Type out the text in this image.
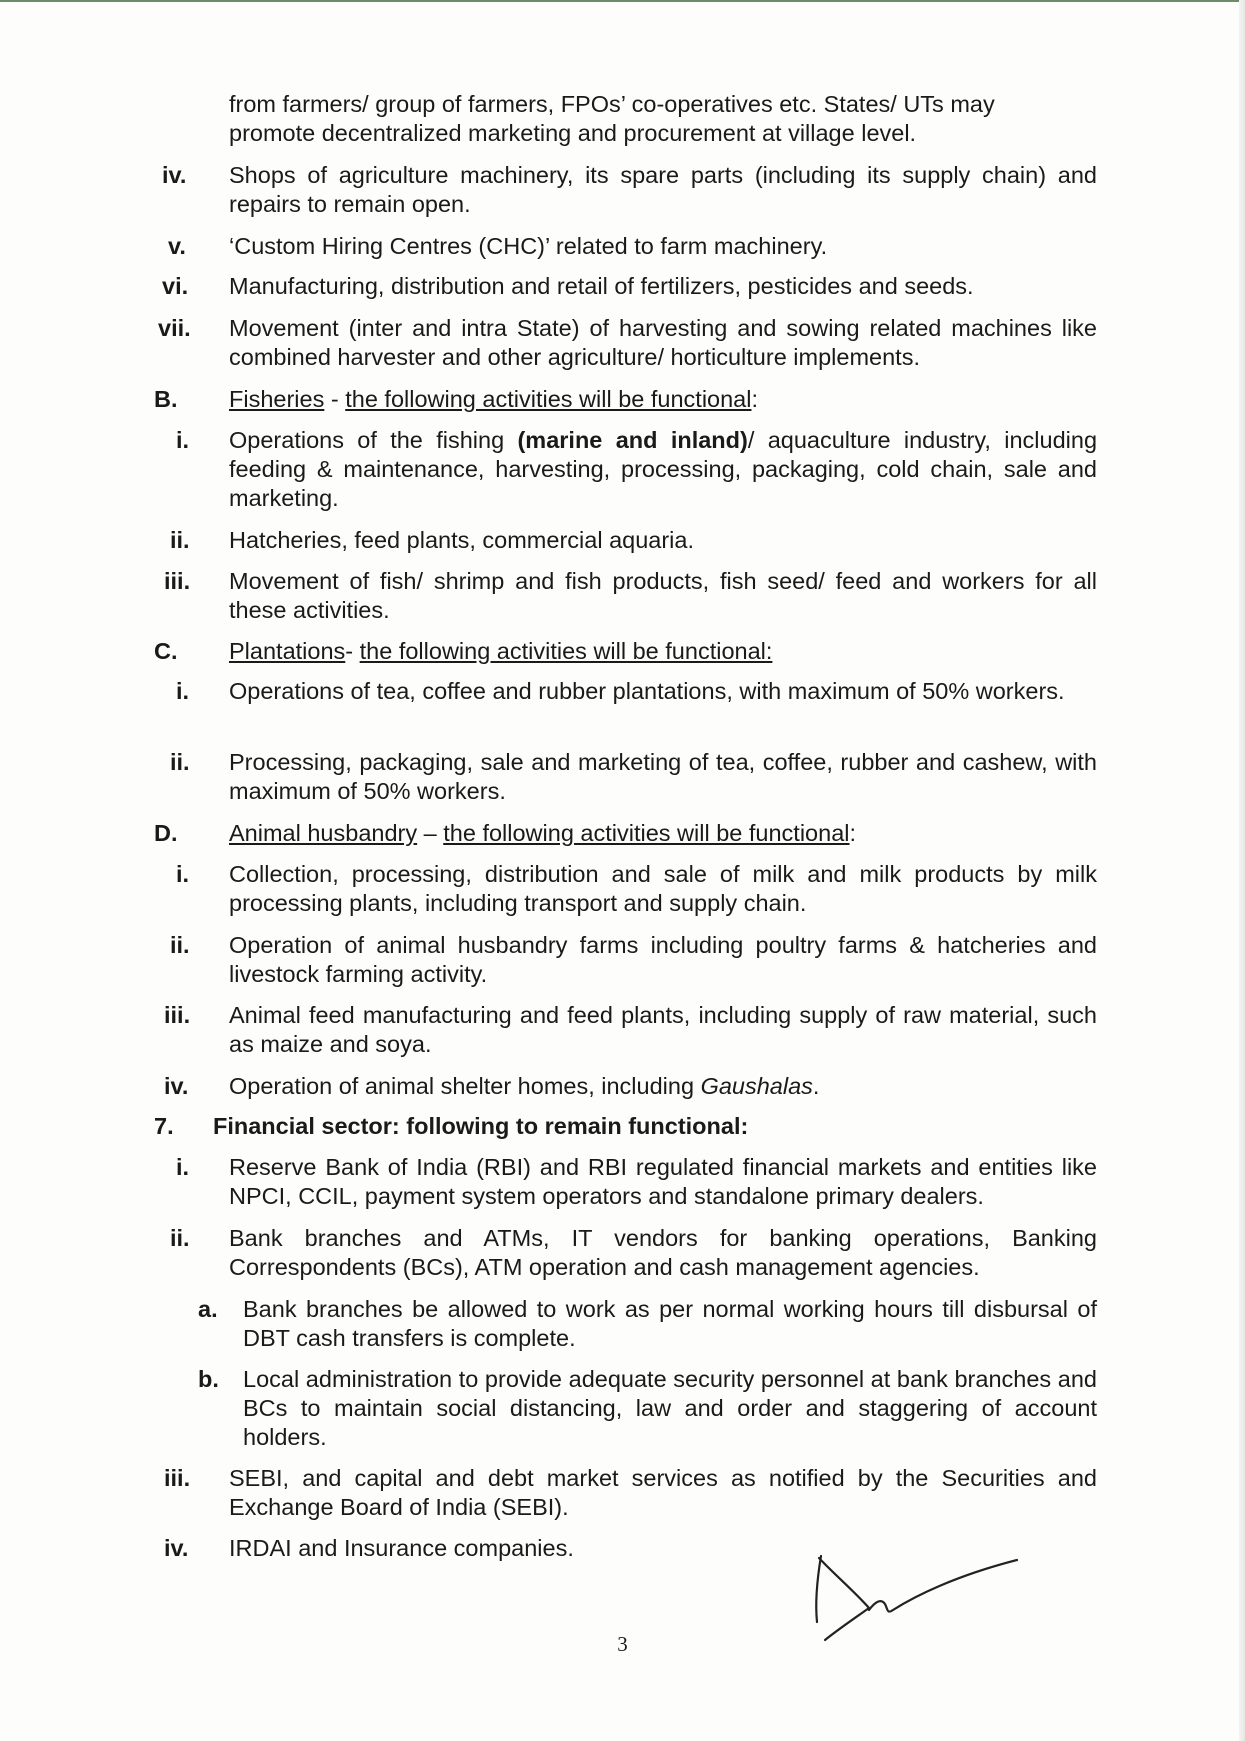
from farmers/ group of farmers, FPOs’ co-operatives etc. States/ UTs may
promote decentralized marketing and procurement at village level.
iv. Shops of agriculture machinery, its spare parts (including its supply chain) and repairs to remain open.
v. ‘Custom Hiring Centres (CHC)’ related to farm machinery.
vi. Manufacturing, distribution and retail of fertilizers, pesticides and seeds.
vii. Movement (inter and intra State) of harvesting and sowing related machines like combined harvester and other agriculture/ horticulture implements.
B. Fisheries - the following activities will be functional:
i. Operations of the fishing (marine and inland)/ aquaculture industry, including feeding & maintenance, harvesting, processing, packaging, cold chain, sale and marketing.
ii. Hatcheries, feed plants, commercial aquaria.
iii. Movement of fish/ shrimp and fish products, fish seed/ feed and workers for all these activities.
C. Plantations- the following activities will be functional:
i. Operations of tea, coffee and rubber plantations, with maximum of 50% workers.
ii. Processing, packaging, sale and marketing of tea, coffee, rubber and cashew, with maximum of 50% workers.
D. Animal husbandry – the following activities will be functional:
i. Collection, processing, distribution and sale of milk and milk products by milk processing plants, including transport and supply chain.
ii. Operation of animal husbandry farms including poultry farms & hatcheries and livestock farming activity.
iii. Animal feed manufacturing and feed plants, including supply of raw material, such as maize and soya.
iv. Operation of animal shelter homes, including Gaushalas.
7. Financial sector: following to remain functional:
i. Reserve Bank of India (RBI) and RBI regulated financial markets and entities like NPCI, CCIL, payment system operators and standalone primary dealers.
ii. Bank branches and ATMs, IT vendors for banking operations, Banking Correspondents (BCs), ATM operation and cash management agencies.
a. Bank branches be allowed to work as per normal working hours till disbursal of DBT cash transfers is complete.
b. Local administration to provide adequate security personnel at bank branches and BCs to maintain social distancing, law and order and staggering of account holders.
iii. SEBI, and capital and debt market services as notified by the Securities and Exchange Board of India (SEBI).
iv. IRDAI and Insurance companies.
3
